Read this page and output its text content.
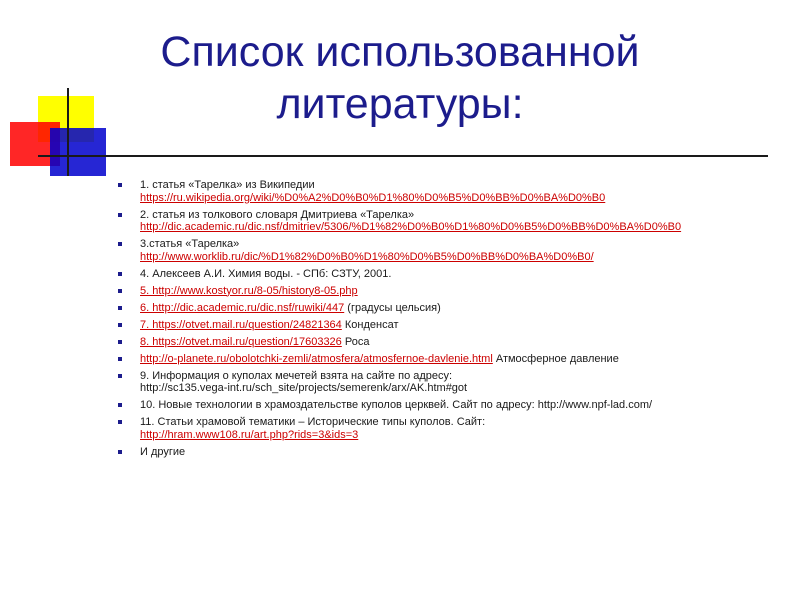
Список использованной
литературы:
1. статья «Тарелка» из Википедии
https://ru.wikipedia.org/wiki/%D0%A2%D0%B0%D1%80%D0%B5%D0%BB%D0%BA%D0%B0
2. статья из толкового словаря Дмитриева «Тарелка»
http://dic.academic.ru/dic.nsf/dmitriev/5306/%D1%82%D0%B0%D1%80%D0%B5%D0%BB%D0%BA%D0%B0
3.статья «Тарелка»
http://www.worklib.ru/dic/%D1%82%D0%B0%D1%80%D0%B5%D0%BB%D0%BA%D0%B0/
4. Алексеев А.И. Химия воды. - СПб: СЗТУ, 2001.
5. http://www.kostyor.ru/8-05/history8-05.php
6. http://dic.academic.ru/dic.nsf/ruwiki/447 (градусы цельсия)
7. https://otvet.mail.ru/question/24821364 Конденсат
8. https://otvet.mail.ru/question/17603326 Роса
http://o-planete.ru/obolotchki-zemli/atmosfera/atmosfernoe-davlenie.html Атмосферное давление
9. Информация о куполах мечетей взята на сайте по адресу:
http://sc135.vega-int.ru/sch_site/projects/semerenk/arx/AK.htm#got
10. Новые технологии в храмоздательстве куполов церквей. Сайт по адресу: http://www.npf-lad.com/
11. Статьи храмовой тематики – Исторические типы куполов. Сайт:
http://hram.www108.ru/art.php?rids=3&ids=3
И другие
